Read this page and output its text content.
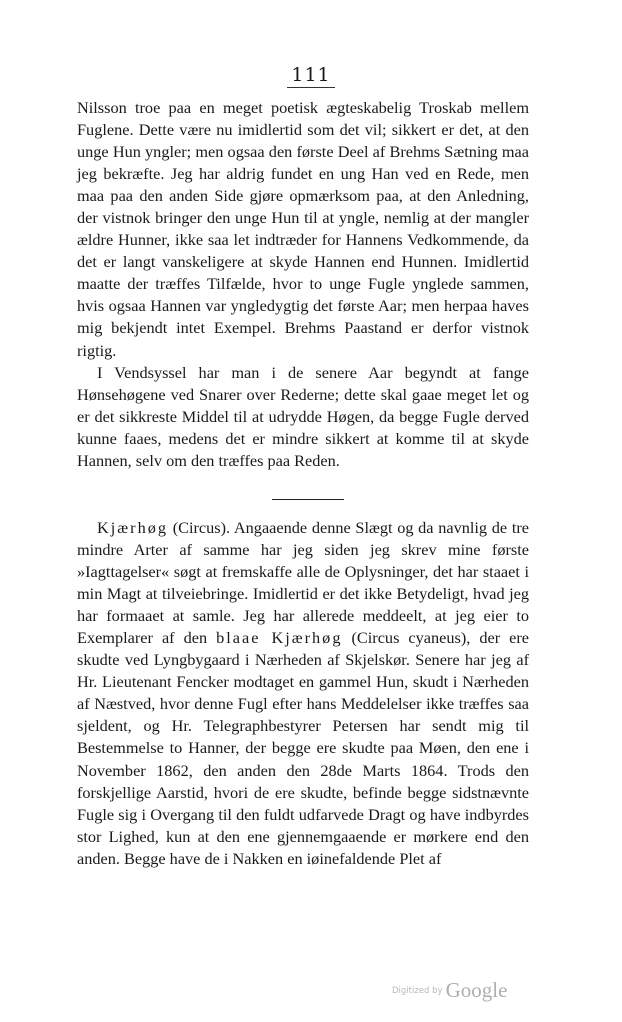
111

Nilsson troe paa en meget poetisk ægteskabelig Troskab mellem Fuglene. Dette være nu imidlertid som det vil; sikkert er det, at den unge Hun yngler; men ogsaa den første Deel af Brehms Sætning maa jeg bekræfte. Jeg har aldrig fundet en ung Han ved en Rede, men maa paa den anden Side gjøre opmærksom paa, at den Anledning, der vistnok bringer den unge Hun til at yngle, nemlig at der mangler ældre Hunner, ikke saa let indtræder for Hannens Vedkommende, da det er langt vanskeligere at skyde Hannen end Hunnen. Imidlertid maatte der træffes Tilfælde, hvor to unge Fugle ynglede sammen, hvis ogsaa Hannen var yngledygtig det første Aar; men herpaa haves mig bekjendt intet Exempel. Brehms Paastand er derfor vistnok rigtig.

I Vendsyssel har man i de senere Aar begyndt at fange Hønsehøgene ved Snarer over Rederne; dette skal gaae meget let og er det sikkreste Middel til at udrydde Høgen, da begge Fugle derved kunne faaes, medens det er mindre sikkert at komme til at skyde Hannen, selv om den træffes paa Reden.

Kjærhøg (Circus). Angaaende denne Slægt og da navnlig de tre mindre Arter af samme har jeg siden jeg skrev mine første »Iagttagelser« søgt at fremskaffe alle de Oplysninger, det har staaet i min Magt at tilveiebringe. Imidlertid er det ikke Betydeligt, hvad jeg har formaaet at samle. Jeg har allerede meddeelt, at jeg eier to Exemplarer af den blaae Kjærhøg (Circus cyaneus), der ere skudte ved Lyngbygaard i Nærheden af Skjelskør. Senere har jeg af Hr. Lieutenant Fencker modtaget en gammel Hun, skudt i Nærheden af Næstved, hvor denne Fugl efter hans Meddelelser ikke træffes saa sjeldent, og Hr. Telegraphbestyrer Petersen har sendt mig til Bestemmelse to Hanner, der begge ere skudte paa Møen, den ene i November 1862, den anden den 28de Marts 1864. Trods den forskjellige Aarstid, hvori de ere skudte, befinde begge sidstnævnte Fugle sig i Overgang til den fuldt udfarvede Dragt og have indbyrdes stor Lighed, kun at den ene gjennemgaaende er mørkere end den anden. Begge have de i Nakken en iøinefaldende Plet af

$^{Digitized by}$ Google
